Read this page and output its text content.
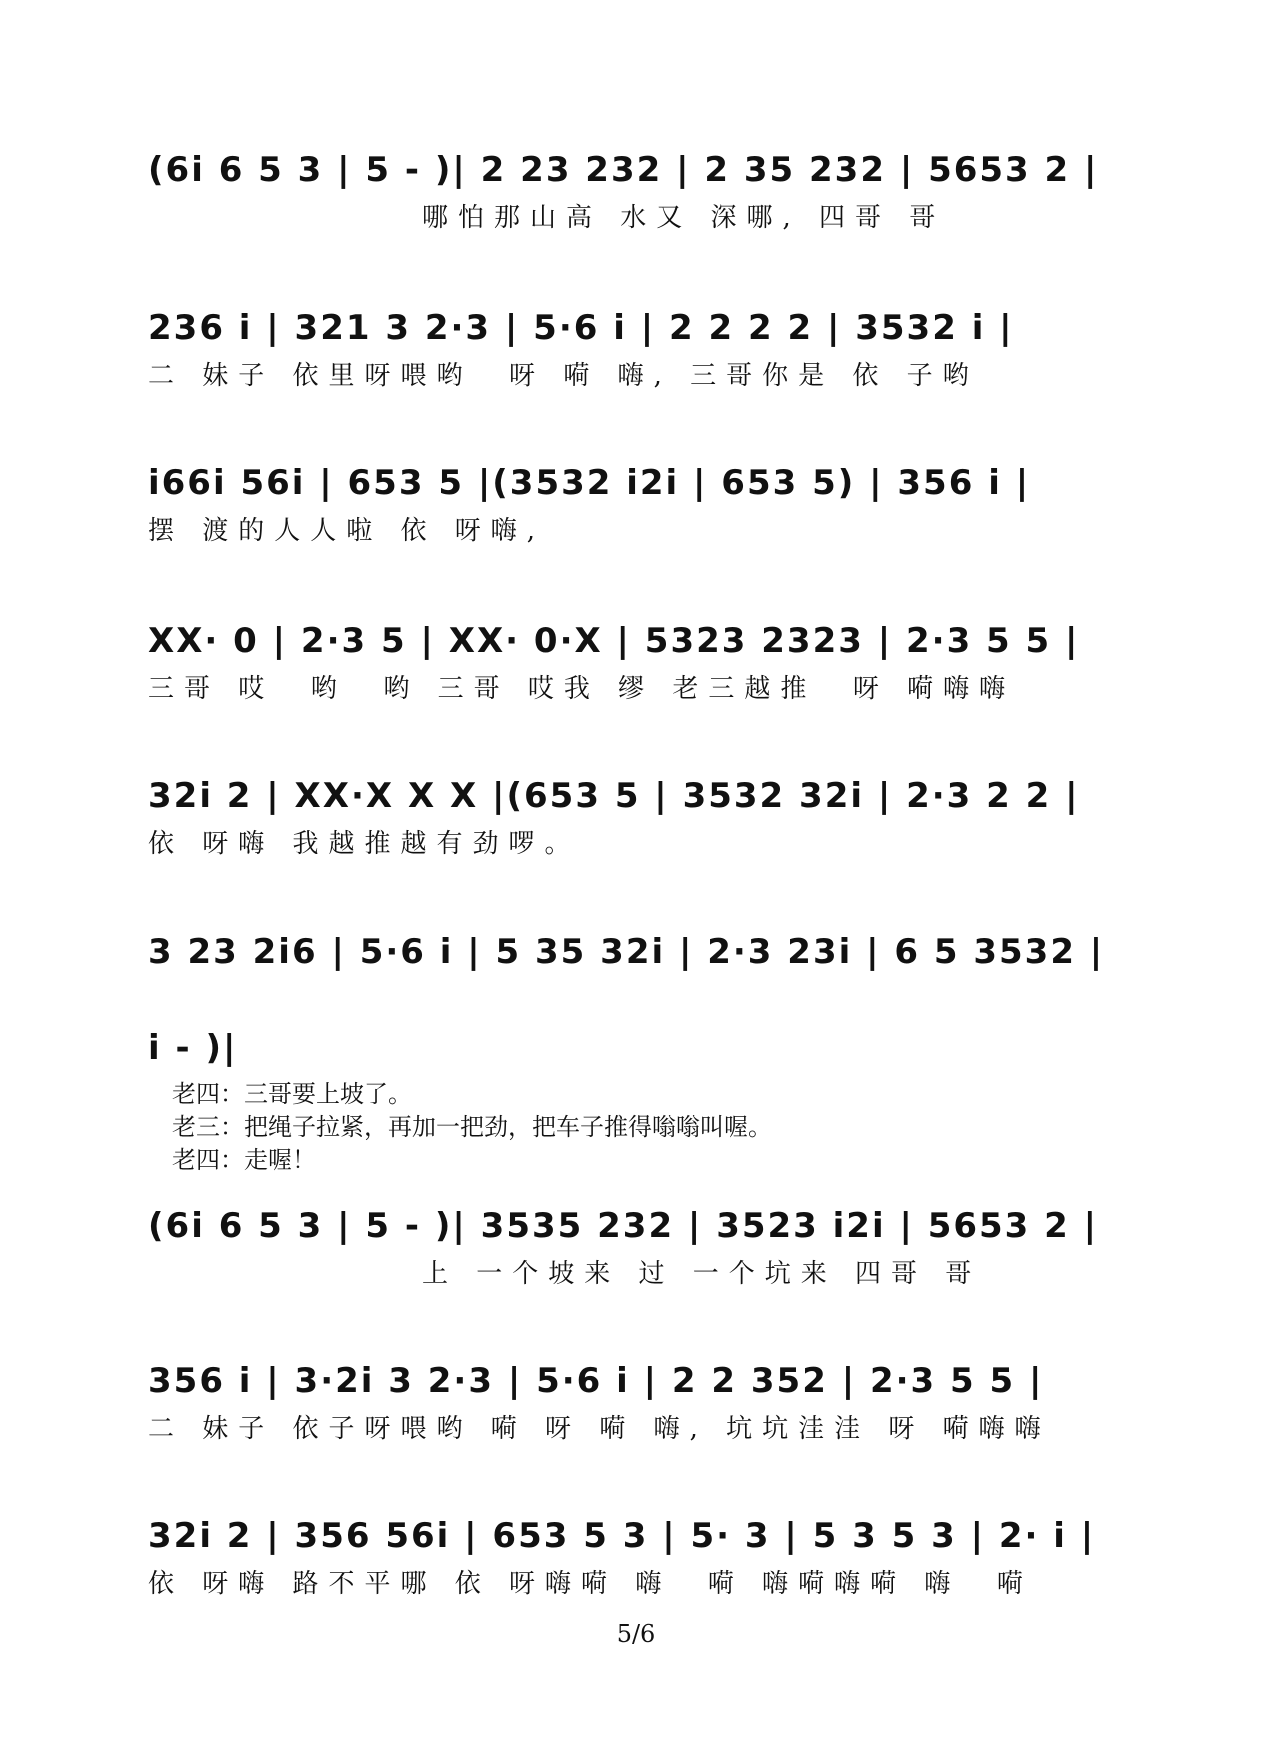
(6i 6 5 3 | 5 - )| 2 23 232 | 2 35 232 | 5653 2 |
哪怕那山高 水又 深哪, 四哥 哥
236 i | 321 3 2·3 | 5·6 i | 2 2 2 2 | 3532 i |
二 妹子 依里呀喂哟  呀 嗬 嗨, 三哥你是 依 子哟
i66i 56i | 653 5 |(3532 i2i | 653 5) | 356 i |
摆 渡的人人啦 依 呀嗨,
XX· 0 | 2·3 5 | XX· 0·X | 5323 2323 | 2·3 5 5 |
三哥 哎  哟  哟 三哥 哎我 缪 老三越推  呀 嗬嗨嗨
32i 2 | XX·X X X |(653 5 | 3532 32i | 2·3 2 2 |
依 呀嗨 我越推越有劲啰。
3 23 2i6 | 5·6 i | 5 35 32i | 2·3 23i | 6 5 3532 |
i - )|
老四：三哥要上坡了。
老三：把绳子拉紧，再加一把劲，把车子推得嗡嗡叫喔。
老四：走喔！
(6i 6 5 3 | 5 - )| 3535 232 | 3523 i2i | 5653 2 |
上 一个坡来 过 一个坑来 四哥 哥
356 i | 3·2i 3 2·3 | 5·6 i | 2 2 352 | 2·3 5 5 |
二 妹子 依子呀喂哟 嗬 呀 嗬 嗨, 坑坑洼洼 呀 嗬嗨嗨
32i 2 | 356 56i | 653 5 3 | 5· 3 | 5 3 5 3 | 2· i |
依 呀嗨 路不平哪 依 呀嗨嗬 嗨  嗬 嗨嗬嗨嗬 嗨  嗬
5/6
